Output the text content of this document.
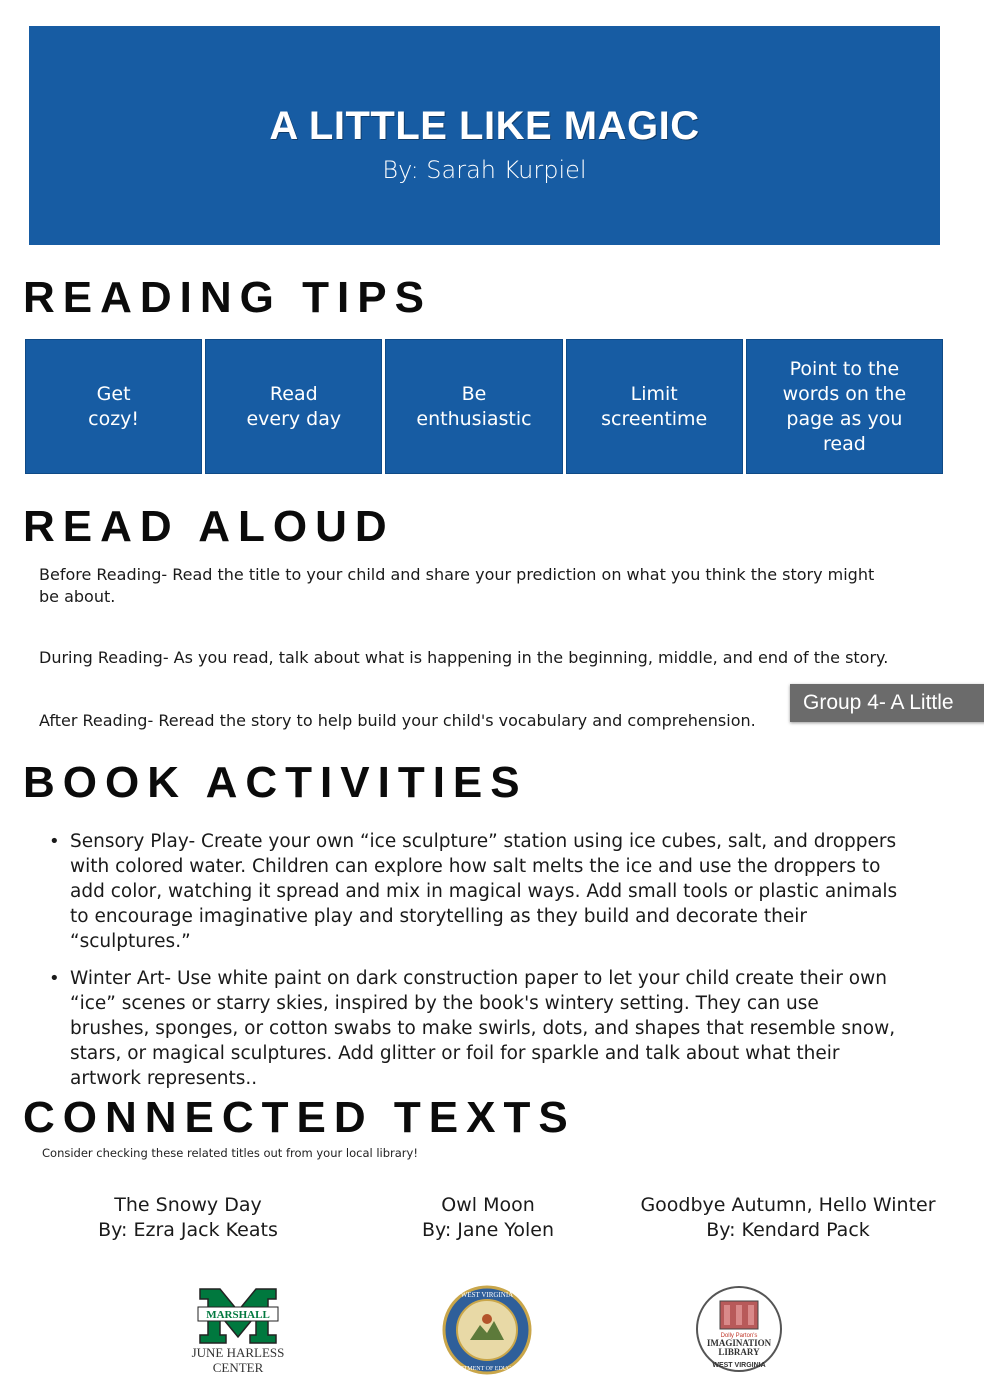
A LITTLE LIKE MAGIC
By: Sarah Kurpiel
READING TIPS
Get
cozy!
Read
every day
Be
enthusiastic
Limit
screentime
Point to the words on the page as you read
READ ALOUD
Before Reading- Read the title to your child and share your prediction on what you think the story might be about.
During Reading- As you read, talk about what is happening in the beginning, middle, and end of the story.
After Reading- Reread the story to help build your child's vocabulary and comprehension.
Group 4- A Little
BOOK ACTIVITIES
• Sensory Play- Create your own “ice sculpture” station using ice cubes, salt, and droppers with colored water. Children can explore how salt melts the ice and use the droppers to add color, watching it spread and mix in magical ways. Add small tools or plastic animals to encourage imaginative play and storytelling as they build and decorate their “sculptures.”
• Winter Art- Use white paint on dark construction paper to let your child create their own “ice” scenes or starry skies, inspired by the book's wintery setting. They can use brushes, sponges, or cotton swabs to make swirls, dots, and shapes that resemble snow, stars, or magical sculptures. Add glitter or foil for sparkle and talk about what their artwork represents..
CONNECTED TEXTS
Consider checking these related titles out from your local library!
The Snowy Day
By: Ezra Jack Keats
Owl Moon
By: Jane Yolen
Goodbye Autumn, Hello Winter
By: Kendard Pack
MARSHALL
JUNE HARLESS
CENTER
WEST VIRGINIA
DEPARTMENT OF EDUCATION
Dolly Parton's
IMAGINATION
LIBRARY
WEST VIRGINIA
